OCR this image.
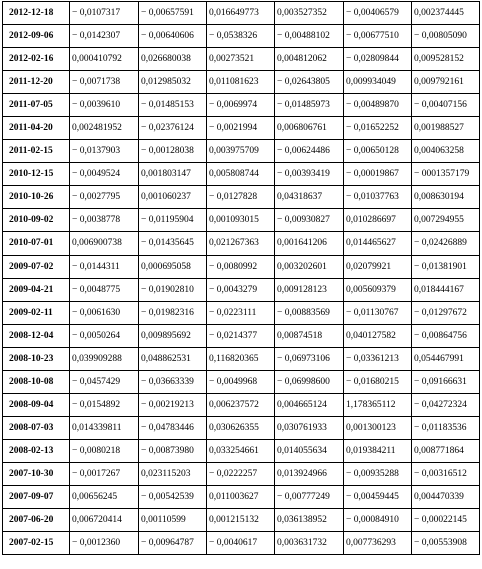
2012-12-18	− 0,0107317	− 0,00657591	0,016649773	0,003527352	− 0,00406579	0,002374445
2012-09-06	− 0,0142307	− 0,00640606	− 0,0538326	− 0,00488102	− 0,00677510	− 0,00805090
2012-02-16	0,000410792	0,026680038	0,00273521	0,004812062	− 0,02809844	0,009528152
2011-12-20	− 0,0071738	0,012985032	0,011081623	− 0,02643805	0,009934049	0,009792161
2011-07-05	− 0,0039610	− 0,01485153	− 0,0069974	− 0,01485973	− 0,00489870	− 0,00407156
2011-04-20	0,002481952	− 0,02376124	− 0,0021994	0,006806761	− 0,01652252	0,001988527
2011-02-15	− 0,0137903	− 0,00128038	0,003975709	− 0,00624486	− 0,00650128	0,004063258
2010-12-15	− 0,0049524	0,001803147	0,005808744	− 0,00393419	− 0,00019867	− 0001357179
2010-10-26	− 0,0027795	0,001060237	− 0,0127828	0,04318637	− 0,01037763	0,008630194
2010-09-02	− 0,0038778	− 0,01195904	0,001093015	− 0,00930827	0,010286697	0,007294955
2010-07-01	0,006900738	− 0,01435645	0,021267363	0,001641206	0,014465627	− 0,02426889
2009-07-02	− 0,0144311	0,000695058	− 0,0080992	0,003202601	0,02079921	− 0,01381901
2009-04-21	− 0,0048775	− 0,01902810	− 0,0043279	0,009128123	0,005609379	0,018444167
2009-02-11	− 0,0061630	− 0,01982316	− 0,0223111	− 0,00883569	− 0,01130767	− 0,01297672
2008-12-04	− 0,0050264	0,009895692	− 0,0214377	0,00874518	0,040127582	− 0,00864756
2008-10-23	0,039909288	0,048862531	0,116820365	− 0,06973106	− 0,03361213	0,054467991
2008-10-08	− 0,0457429	− 0,03663339	− 0,0049968	− 0,06998600	− 0,01680215	− 0,09166631
2008-09-04	− 0,0154892	− 0,00219213	0,006237572	0,004665124	1,178365112	− 0,04272324
2008-07-03	0,014339811	− 0,04783446	0,030626355	0,030761933	0,001300123	− 0,01183536
2008-02-13	− 0,0080218	− 0,00873980	0,033254661	0,014055634	0,019384211	0,008771864
2007-10-30	− 0,0017267	0,023115203	− 0,0222257	0,013924966	− 0,00935288	− 0,00316512
2007-09-07	0,00656245	− 0,00542539	0,011003627	− 0,00777249	− 0,00459445	0,004470339
2007-06-20	0,006720414	0,00110599	0,001215132	0,036138952	− 0,00084910	− 0,00022145
2007-02-15	− 0,0012360	− 0,00964787	− 0,0040617	0,003631732	0,007736293	− 0,00553908
